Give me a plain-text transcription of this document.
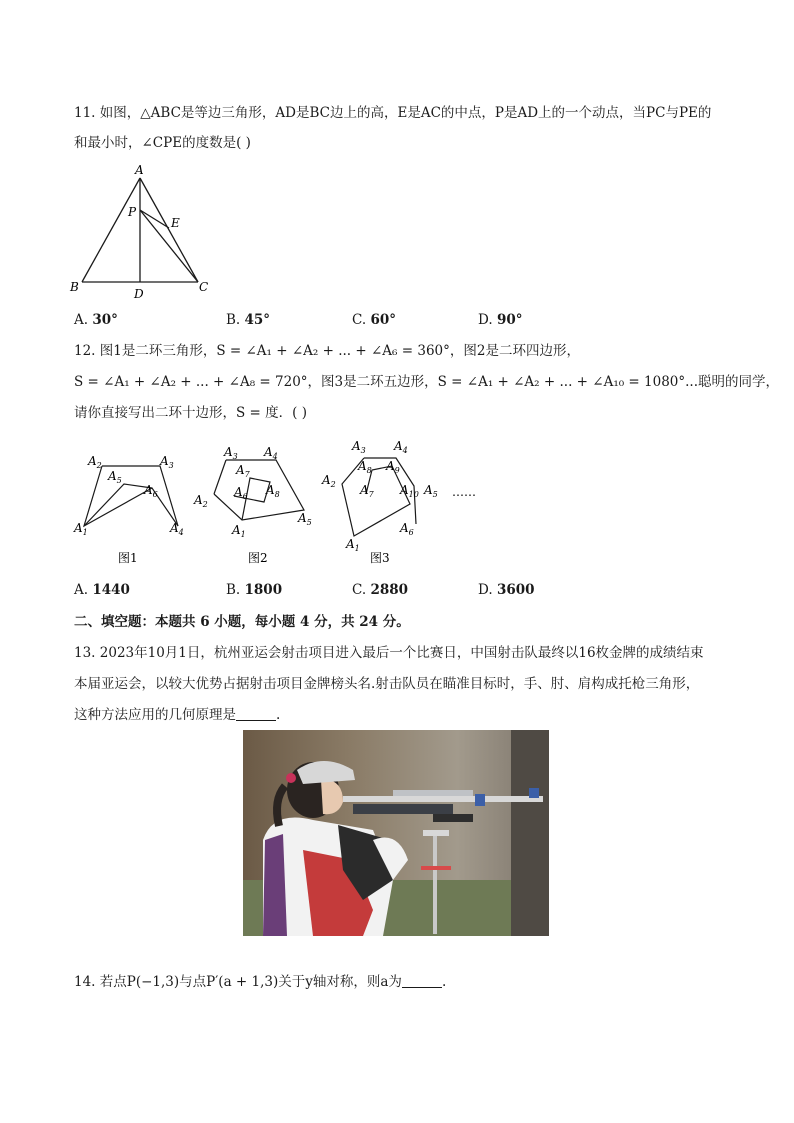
11. 如图，△ABC是等边三角形，AD是BC边上的高，E是AC的中点，P是AD上的一个动点，当PC与PE的
和最小时，∠CPE的度数是( )
A
B	C
D
E
P
A. 30°	B. 45°	C. 60°	D. 90°
12. 图1是二环三角形，S = ∠A₁ + ∠A₂ + ... + ∠A₆ = 360°，图2是二环四边形，
S = ∠A₁ + ∠A₂ + ... + ∠A₈ = 720°，图3是二环五边形，S = ∠A₁ + ∠A₂ + ... + ∠A₁₀ = 1080°...聪明的同学，
请你直接写出二环十边形，S = 度．( )
$A_2$	$A_3$
$A_5$
$A_6$
$A_1$	$A_4$
$A_3$ $A_4$
$A_7$
$A_6$ $A_8$
$A_2$
$A_5$
$A_1$
$A_3$ $A_4$
$A_8$ $A_9$
$A_2$ $A_7$ $A_{10}$ $A_5$
$A_6$
$A_1$
图1	图2	图3
……
A. 1440	B. 1800	C. 2880	D. 3600
二、填空题：本题共 6 小题，每小题 4 分，共 24 分。
13. 2023年10月1日，杭州亚运会射击项目进入最后一个比赛日，中国射击队最终以16枚金牌的成绩结束
本届亚运会，以较大优势占据射击项目金牌榜头名.射击队员在瞄准目标时，手、肘、肩构成托枪三角形，
这种方法应用的几何原理是	.
14. 若点P(−1,3)与点P′(a + 1,3)关于y轴对称，则a为	.
